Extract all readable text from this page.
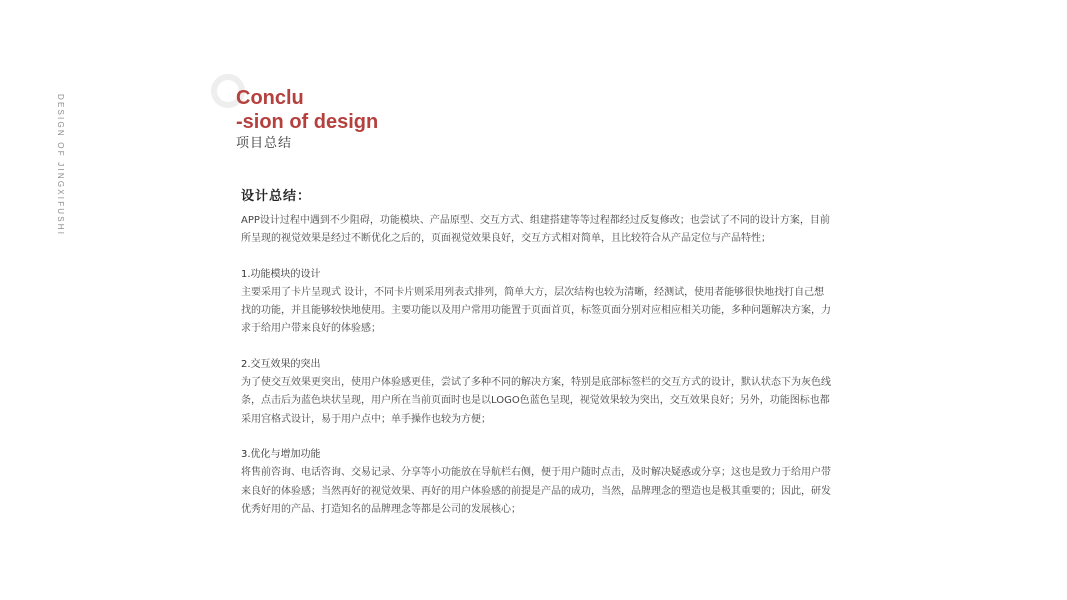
DESIGN OF JINGXIFUSHI	Conclu
-sion of design
项目总结
设计总结：

APP设计过程中遇到不少阻碍，功能模块、产品原型、交互方式、组建搭建等等过程都经过反复修改；也尝试了不同的设计方案，目前所呈现的视觉效果是经过不断优化之后的，页面视觉效果良好，交互方式相对简单，且比较符合从产品定位与产品特性；

1.功能模块的设计
主要采用了卡片呈现式 设计，不同卡片则采用列表式排列，简单大方，层次结构也较为清晰，经测试，使用者能够很快地找打自己想找的功能，并且能够较快地使用。主要功能以及用户常用功能置于页面首页，标签页面分别对应相应相关功能，多种问题解决方案，力求于给用户带来良好的体验感；
2.交互效果的突出
为了使交互效果更突出，使用户体验感更佳，尝试了多种不同的解决方案，特别是底部标签栏的交互方式的设计，默认状态下为灰色线条，点击后为蓝色块状呈现，用户所在当前页面时也是以LOGO色蓝色呈现，视觉效果较为突出，交互效果良好；另外，功能图标也都采用宫格式设计，易于用户点中；单手操作也较为方便；
3.优化与增加功能
将售前咨询、电话咨询、交易记录、分享等小功能放在导航栏右侧，便于用户随时点击，及时解决疑惑或分享；这也是致力于给用户带来良好的体验感；当然再好的视觉效果、再好的用户体验感的前提是产品的成功，当然，品牌理念的塑造也是极其重要的；因此，研发优秀好用的产品、打造知名的品牌理念等都是公司的发展核心；
